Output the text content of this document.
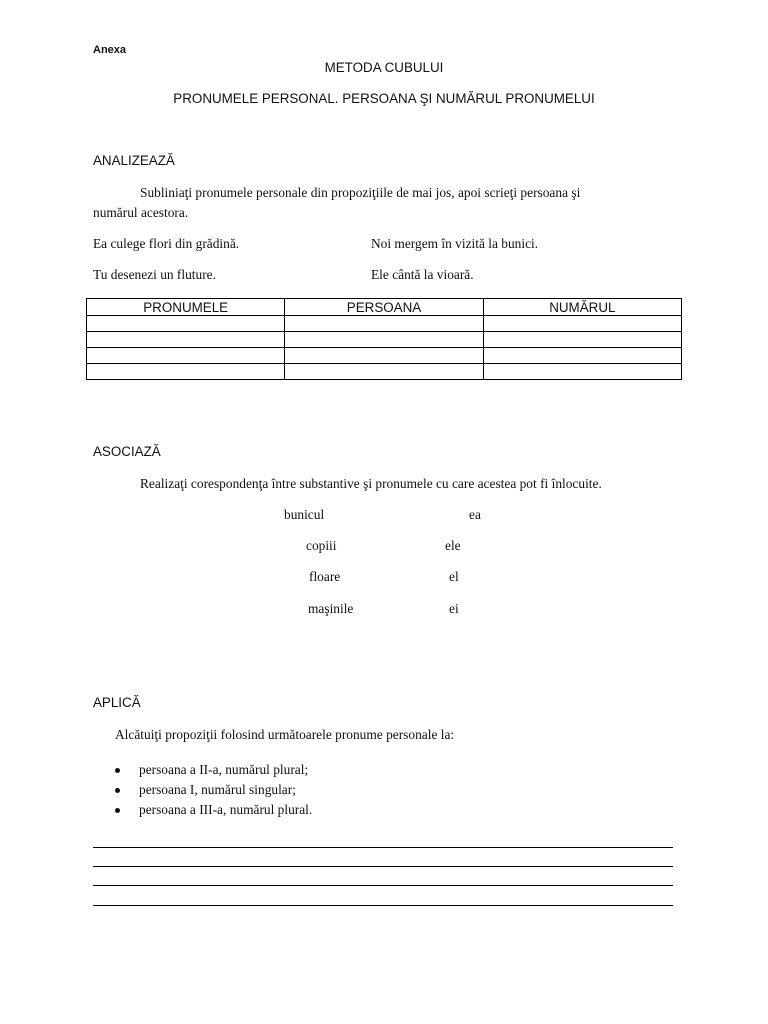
Anexa
METODA CUBULUI
PRONUMELE PERSONAL. PERSOANA ŞI NUMĂRUL PRONUMELUI
ANALIZEAZĂ
Subliniaţi pronumele personale din propoziţiile de mai jos, apoi scrieţi persoana şi
numărul acestora.
Ea culege flori din grădină.	Noi mergem în vizită la bunici.
Tu desenezi un fluture.	Ele cântă la vioară.
PRONUMELE	PERSOANA	NUMĂRUL

ASOCIAZĂ
Realizaţi corespondenţa între substantive şi pronumele cu care acestea pot fi înlocuite.
bunicul	ea
copiii	ele
floare	el
maşinile	ei
APLICĂ
Alcătuiţi propoziţii folosind următoarele pronume personale la:
persoana a II-a, numărul plural;
persoana I, numărul singular;
persoana a III-a, numărul plural.
